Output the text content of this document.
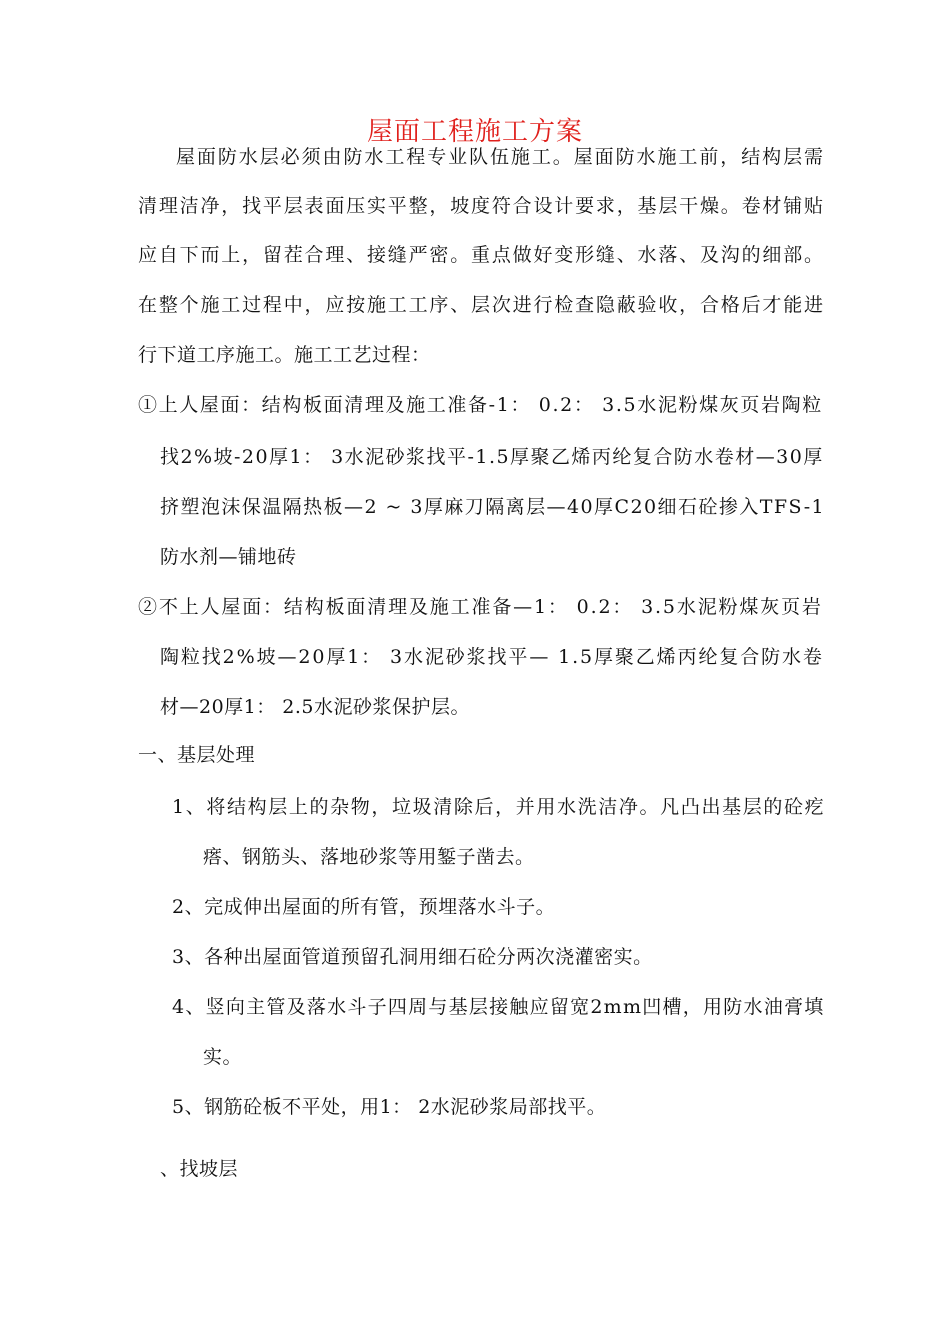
屋面工程施工方案
屋面防水层必须由防水工程专业队伍施工。屋面防水施工前，结构层需
清理洁净，找平层表面压实平整，坡度符合设计要求，基层干燥。卷材铺贴
应自下而上，留茬合理、接缝严密。重点做好变形缝、水落、及沟的细部。
在整个施工过程中，应按施工工序、层次进行检查隐蔽验收，合格后才能进
行下道工序施工。施工工艺过程：
①上人屋面：结构板面清理及施工准备-1： 0.2： 3.5水泥粉煤灰页岩陶粒
找2%坡-20厚1： 3水泥砂浆找平-1.5厚聚乙烯丙纶复合防水卷材—30厚
挤塑泡沫保温隔热板—2 ~ 3厚麻刀隔离层—40厚C20细石砼掺入TFS-1
防水剂—铺地砖
②不上人屋面：结构板面清理及施工准备—1： 0.2： 3.5水泥粉煤灰页岩
陶粒找2%坡—20厚1： 3水泥砂浆找平— 1.5厚聚乙烯丙纶复合防水卷
材—20厚1： 2.5水泥砂浆保护层。
一、基层处理
1、将结构层上的杂物，垃圾清除后，并用水洗洁净。凡凸出基层的砼疙
瘩、钢筋头、落地砂浆等用錾子凿去。
2、完成伸出屋面的所有管，预埋落水斗子。
3、各种出屋面管道预留孔洞用细石砼分两次浇灌密实。
4、竖向主管及落水斗子四周与基层接触应留宽2mm凹槽，用防水油膏填
实。
5、钢筋砼板不平处，用1： 2水泥砂浆局部找平。
、找坡层
